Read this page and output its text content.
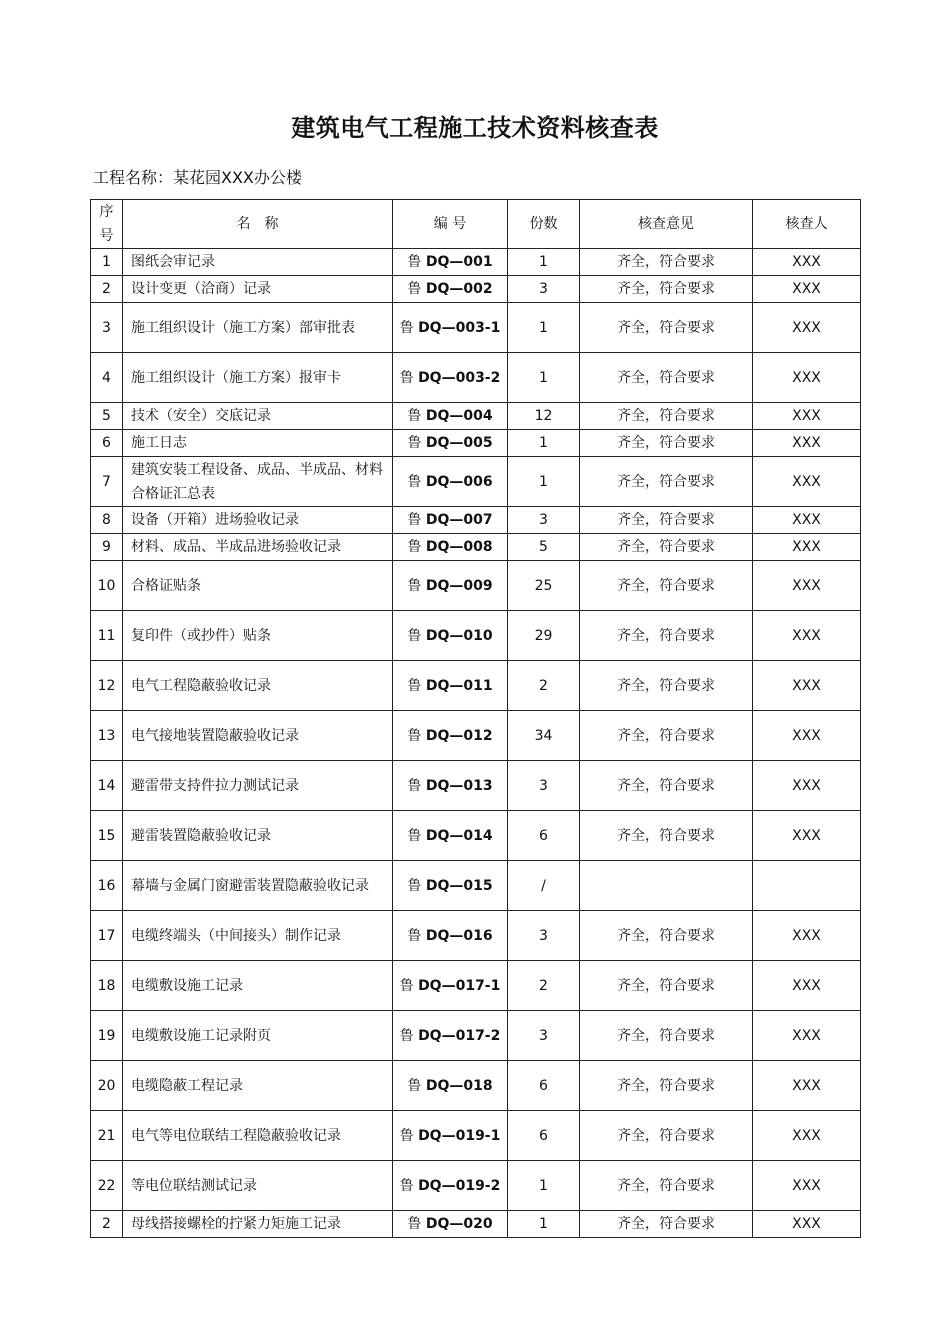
建筑电气工程施工技术资料核查表
工程名称：某花园XXX办公楼
序号	名　称	编 号	份数	核查意见	核查人
1	图纸会审记录	鲁 DQ—001	1	齐全，符合要求	XXX
2	设计变更（洽商）记录	鲁 DQ—002	3	齐全，符合要求	XXX
3	施工组织设计（施工方案）部审批表	鲁 DQ—003-1	1	齐全，符合要求	XXX
4	施工组织设计（施工方案）报审卡	鲁 DQ—003-2	1	齐全，符合要求	XXX
5	技术（安全）交底记录	鲁 DQ—004	12	齐全，符合要求	XXX
6	施工日志	鲁 DQ—005	1	齐全，符合要求	XXX
7	建筑安装工程设备、成品、半成品、材料合格证汇总表	鲁 DQ—006	1	齐全，符合要求	XXX
8	设备（开箱）进场验收记录	鲁 DQ—007	3	齐全，符合要求	XXX
9	材料、成品、半成品进场验收记录	鲁 DQ—008	5	齐全，符合要求	XXX
10	合格证贴条	鲁 DQ—009	25	齐全，符合要求	XXX
11	复印件（或抄件）贴条	鲁 DQ—010	29	齐全，符合要求	XXX
12	电气工程隐蔽验收记录	鲁 DQ—011	2	齐全，符合要求	XXX
13	电气接地装置隐蔽验收记录	鲁 DQ—012	34	齐全，符合要求	XXX
14	避雷带支持件拉力测试记录	鲁 DQ—013	3	齐全，符合要求	XXX
15	避雷装置隐蔽验收记录	鲁 DQ—014	6	齐全，符合要求	XXX
16	幕墙与金属门窗避雷装置隐蔽验收记录	鲁 DQ—015	/		
17	电缆终端头（中间接头）制作记录	鲁 DQ—016	3	齐全，符合要求	XXX
18	电缆敷设施工记录	鲁 DQ—017-1	2	齐全，符合要求	XXX
19	电缆敷设施工记录附页	鲁 DQ—017-2	3	齐全，符合要求	XXX
20	电缆隐蔽工程记录	鲁 DQ—018	6	齐全，符合要求	XXX
21	电气等电位联结工程隐蔽验收记录	鲁 DQ—019-1	6	齐全，符合要求	XXX
22	等电位联结测试记录	鲁 DQ—019-2	1	齐全，符合要求	XXX
2	母线搭接螺栓的拧紧力矩施工记录	鲁 DQ—020	1	齐全，符合要求	XXX
